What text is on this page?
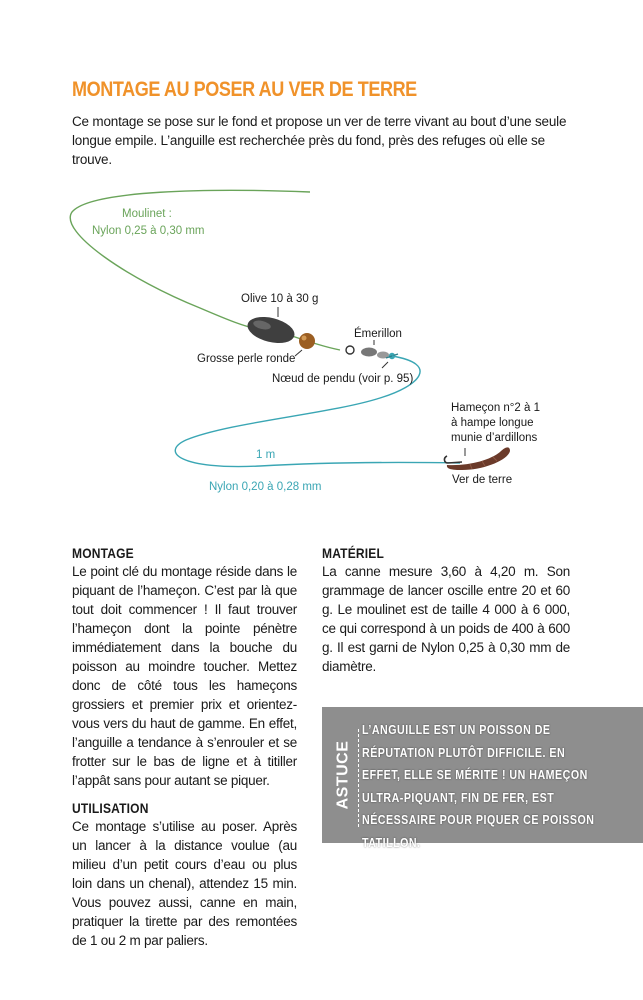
MONTAGE AU POSER AU VER DE TERRE

Ce montage se pose sur le fond et propose un ver de terre vivant au bout d’une seule longue empile. L’anguille est recherchée près du fond, près des refuges où elle se trouve.

Moulinet :
Nylon 0,25 à 0,30 mm
Olive 10 à 30 g
Émerillon
Grosse perle ronde
Nœud de pendu (voir p. 95)
Hameçon n°2 à 1
à hampe longue
munie d’ardillons
1 m
Nylon 0,20 à 0,28 mm
Ver de terre
MONTAGE

Le point clé du montage réside dans le piquant de l’hameçon. C’est par là que tout doit commencer ! Il faut trouver l’hameçon dont la pointe pénètre immédiatement dans la bouche du poisson au moindre toucher. Mettez donc de côté tous les hameçons grossiers et premier prix et orientez-vous vers du haut de gamme. En effet, l’anguille a tendance à s’enrouler et se frotter sur le bas de ligne et à titiller l’appât sans pour autant se piquer.

UTILISATION

Ce montage s’utilise au poser. Après un lancer à la distance voulue (au milieu d’un petit cours d’eau ou plus loin dans un chenal), attendez 15 min. Vous pouvez aussi, canne en main, pratiquer la tirette par des remontées de 1 ou 2 m par paliers.

MATÉRIEL

La canne mesure 3,60 à 4,20 m. Son grammage de lancer oscille entre 20 et 60 g. Le moulinet est de taille 4 000 à 6 000, ce qui correspond à un poids de 400 à 600 g. Il est garni de Nylon 0,25 à 0,30 mm de diamètre.

ASTUCE

L’ANGUILLE EST UN POISSON DE RÉPUTATION PLUTÔT DIFFICILE. EN EFFET, ELLE SE MÉRITE ! UN HAMEÇON ULTRA-PIQUANT, FIN DE FER, EST NÉCESSAIRE POUR PIQUER CE POISSON TATILLON.
